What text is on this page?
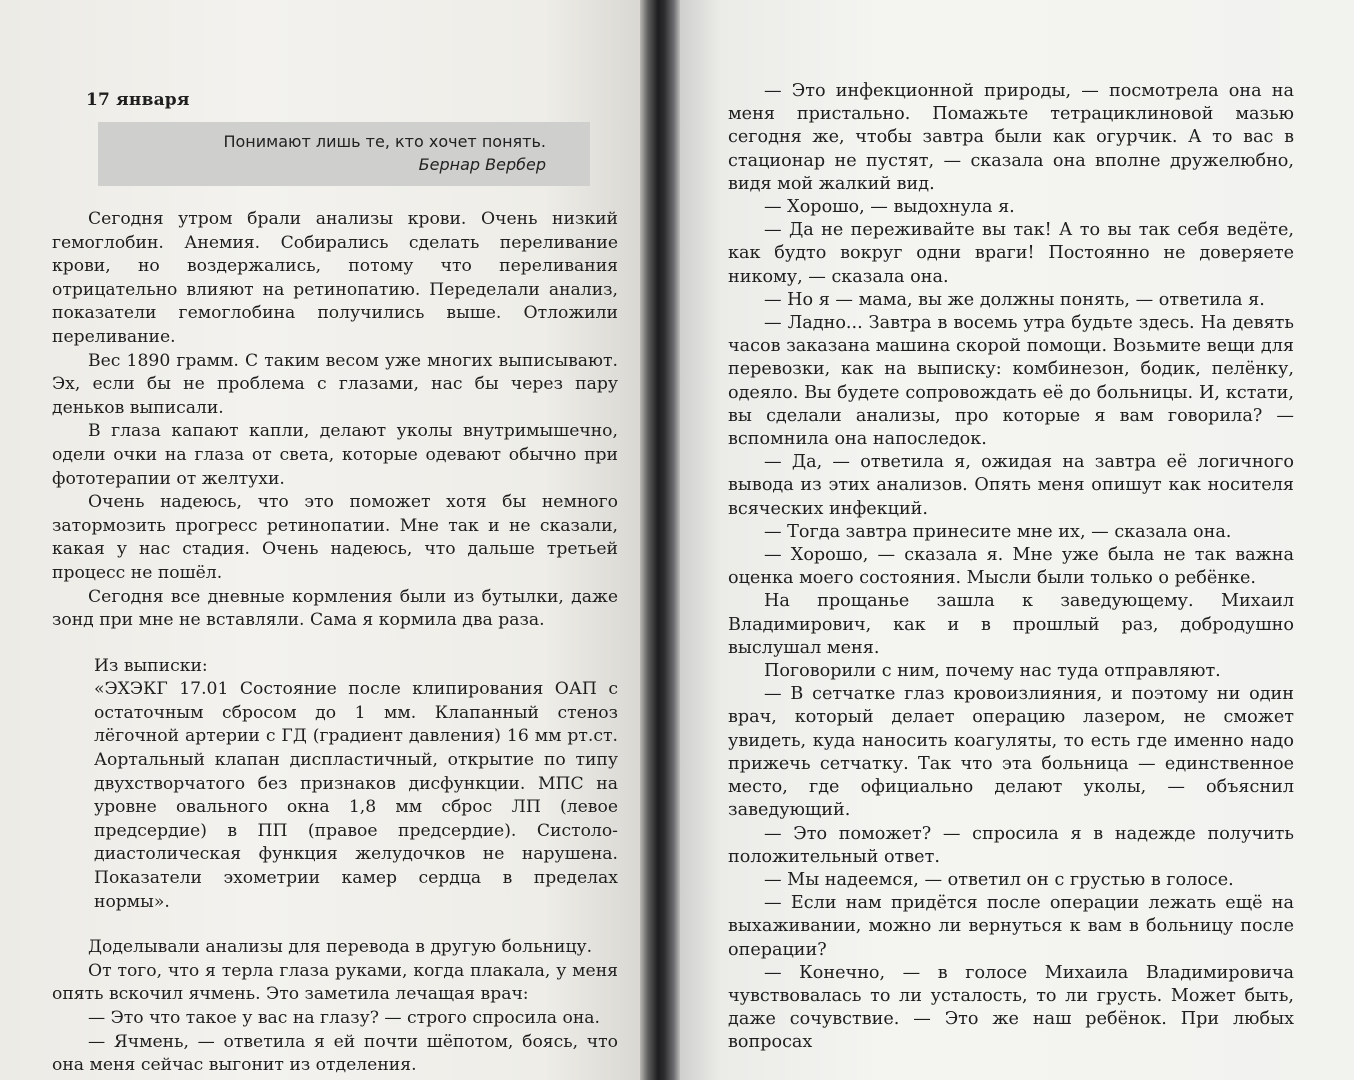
17 января
Понимают лишь те, кто хочет понять.
Бернар Вербер

Сегодня утром брали анализы крови. Очень низкий гемоглобин. Анемия. Собирались сделать переливание крови, но воздержались, потому что переливания отрицательно влияют на ретинопатию. Переделали анализ, показатели гемоглобина получились выше. Отложили переливание.

Вес 1890 грамм. С таким весом уже многих выписывают. Эх, если бы не проблема с глазами, нас бы через пару деньков выписали.

В глаза капают капли, делают уколы внутримышечно, одели очки на глаза от света, которые одевают обычно при фототерапии от желтухи.

Очень надеюсь, что это поможет хотя бы немного затормозить прогресс ретинопатии. Мне так и не сказали, какая у нас стадия. Очень надеюсь, что дальше третьей процесс не пошёл.

Сегодня все дневные кормления были из бутылки, даже зонд при мне не вставляли. Сама я кормила два раза.

Из выписки:

«ЭХЭКГ 17.01 Состояние после клипирования ОАП с остаточным сбросом до 1 мм. Клапанный стеноз лёгочной артерии с ГД (градиент давления) 16 мм рт.ст. Аортальный клапан диспластичный, открытие по типу двухстворчатого без признаков дисфункции. МПС на уровне овального окна 1,8 мм сброс ЛП (левое предсердие) в ПП (правое предсердие). Систоло-диастолическая функция желудочков не нарушена. Показатели эхометрии камер сердца в пределах нормы».

Доделывали анализы для перевода в другую больницу.

От того, что я терла глаза руками, когда плакала, у меня опять вскочил ячмень. Это заметила лечащая врач:

— Это что такое у вас на глазу? — строго спросила она.

— Ячмень, — ответила я ей почти шёпотом, боясь, что она меня сейчас выгонит из отделения.

— Это инфекционной природы, — посмотрела она на меня пристально. Помажьте тетрациклиновой мазью сегодня же, чтобы завтра были как огурчик. А то вас в стационар не пустят, — сказала она вполне дружелюбно, видя мой жалкий вид.

— Хорошо, — выдохнула я.

— Да не переживайте вы так! А то вы так себя ведёте, как будто вокруг одни враги! Постоянно не доверяете никому, — сказала она.

— Но я — мама, вы же должны понять, — ответила я.

— Ладно... Завтра в восемь утра будьте здесь. На девять часов заказана машина скорой помощи. Возьмите вещи для перевозки, как на выписку: комбинезон, бодик, пелёнку, одеяло. Вы будете сопровождать её до больницы. И, кстати, вы сделали анализы, про которые я вам говорила? — вспомнила она напоследок.

— Да, — ответила я, ожидая на завтра её логичного вывода из этих анализов. Опять меня опишут как носителя всяческих инфекций.

— Тогда завтра принесите мне их, — сказала она.

— Хорошо, — сказала я. Мне уже была не так важна оценка моего состояния. Мысли были только о ребёнке.

На прощанье зашла к заведующему. Михаил Владимирович, как и в прошлый раз, добродушно выслушал меня.

Поговорили с ним, почему нас туда отправляют.

— В сетчатке глаз кровоизлияния, и поэтому ни один врач, который делает операцию лазером, не сможет увидеть, куда наносить коагуляты, то есть где именно надо прижечь сетчатку. Так что эта больница — единственное место, где официально делают уколы, — объяснил заведующий.

— Это поможет? — спросила я в надежде получить положительный ответ.

— Мы надеемся, — ответил он с грустью в голосе.

— Если нам придётся после операции лежать ещё на выхаживании, можно ли вернуться к вам в больницу после операции?

— Конечно, — в голосе Михаила Владимировича чувствовалась то ли усталость, то ли грусть. Может быть, даже сочувствие. — Это же наш ребёнок. При любых вопросах
